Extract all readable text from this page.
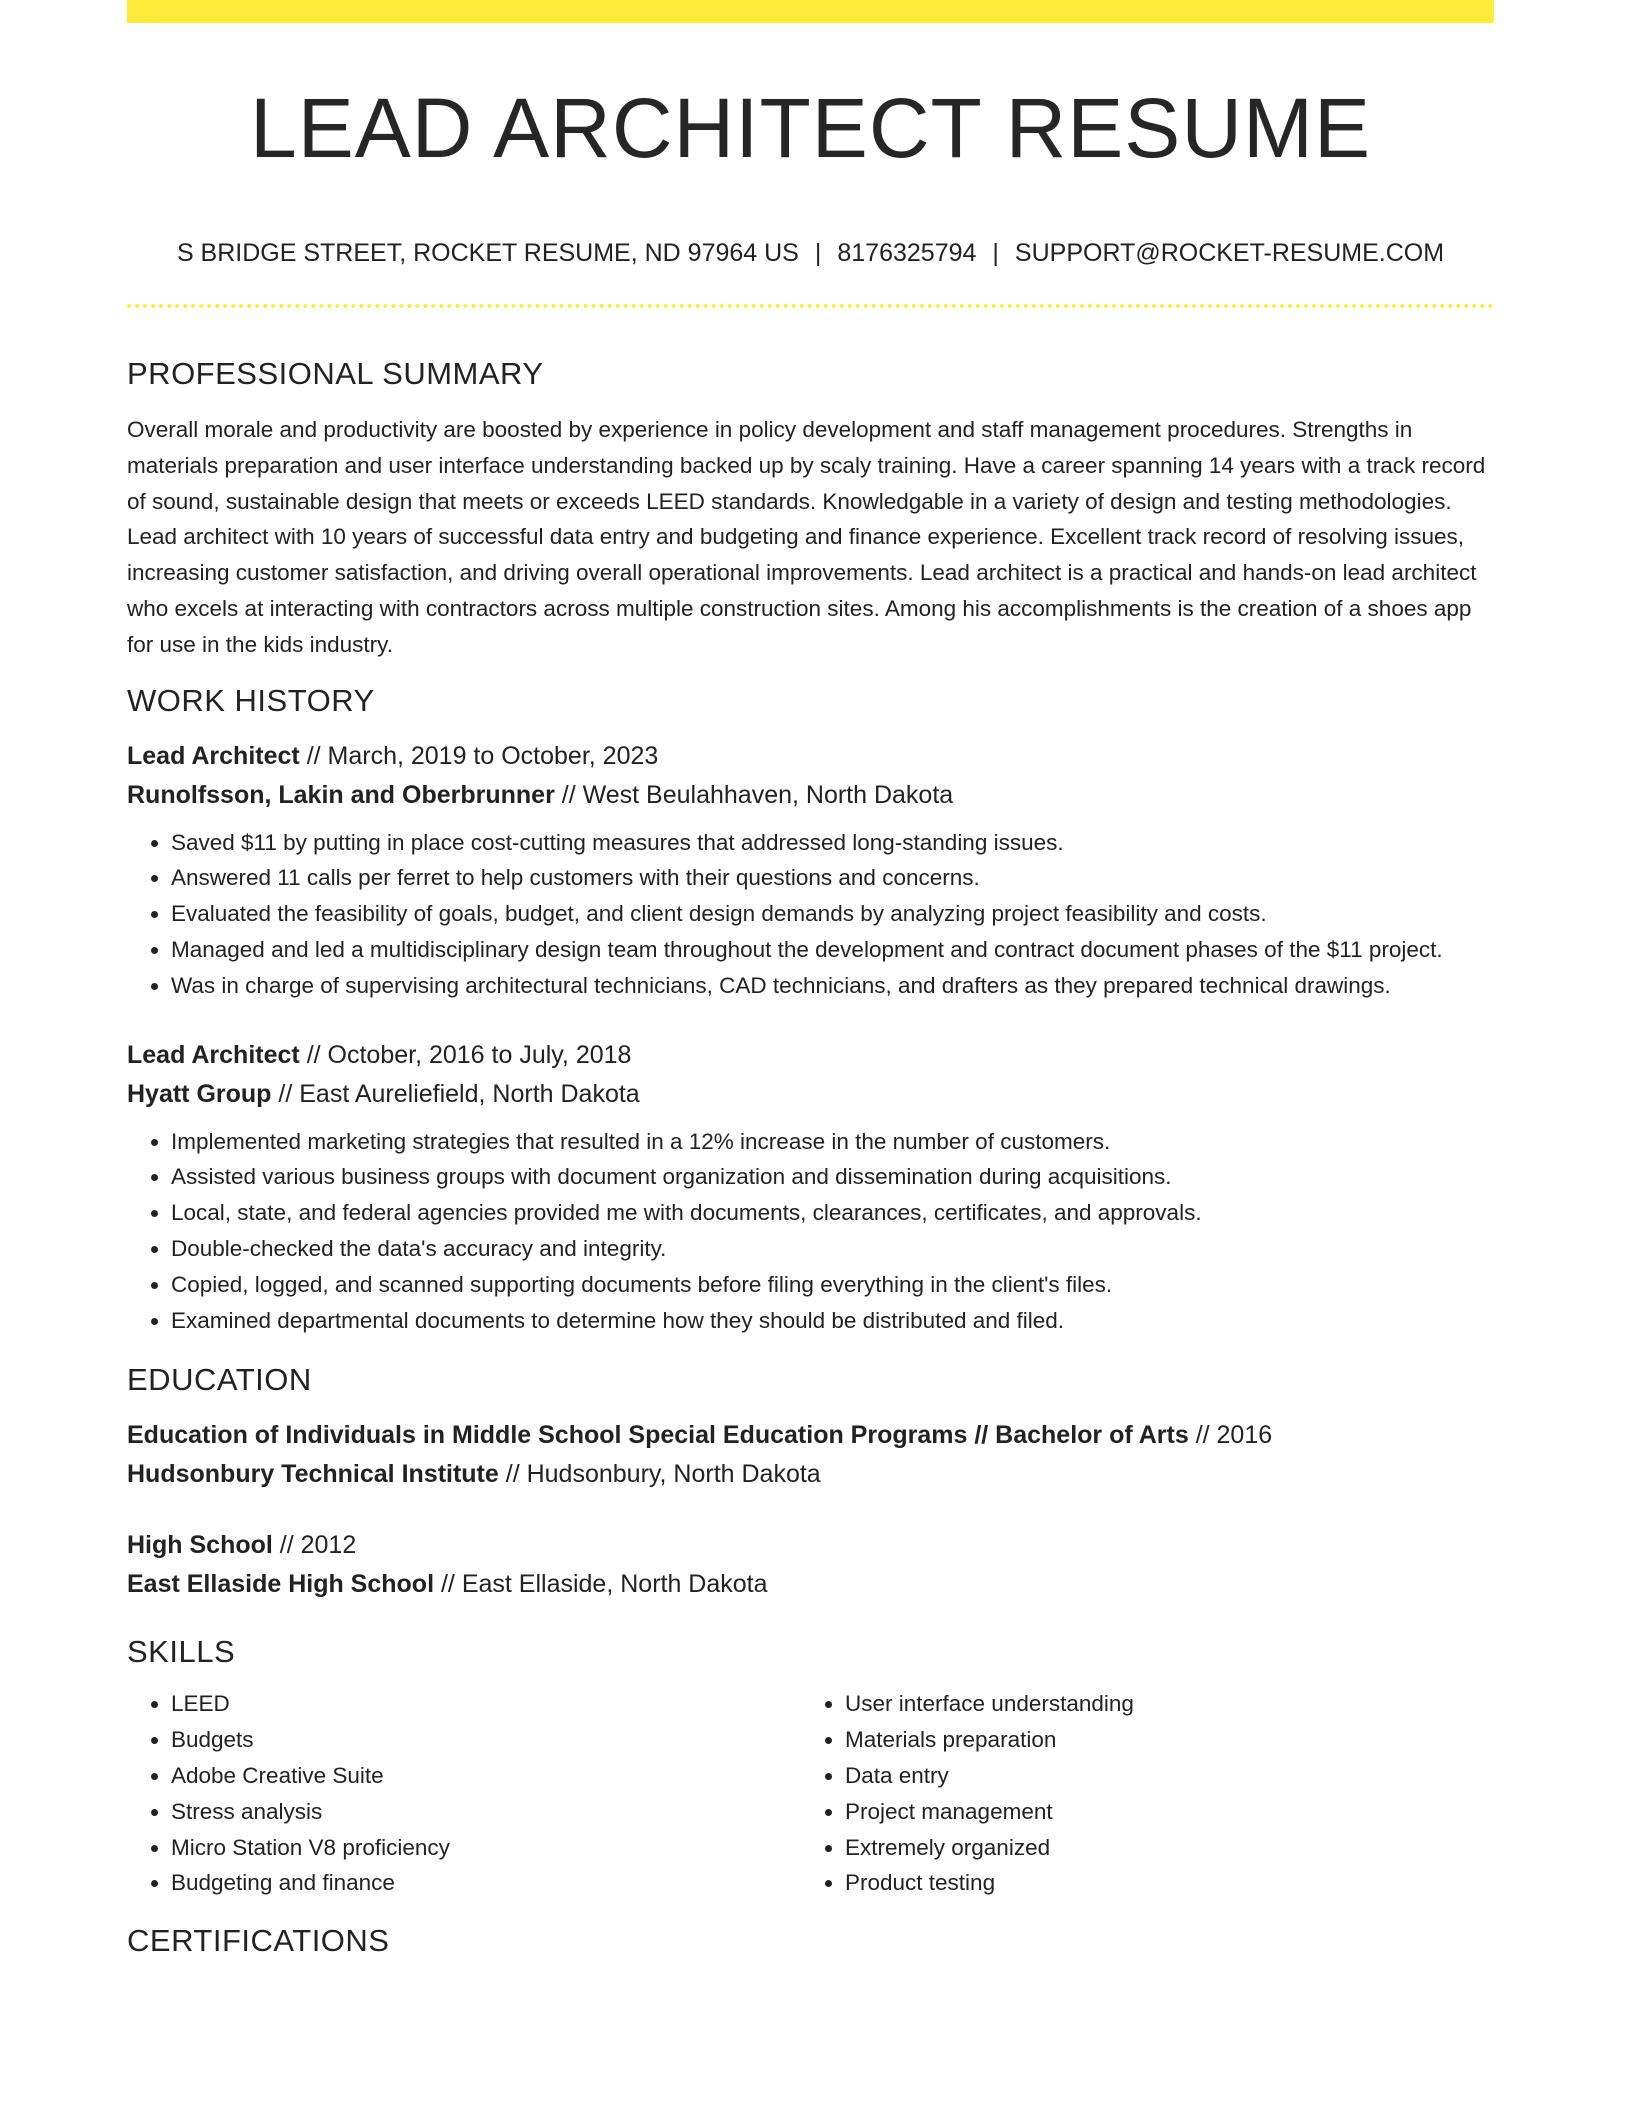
LEAD ARCHITECT RESUME
S BRIDGE STREET, ROCKET RESUME, ND 97964 US | 8176325794 | SUPPORT@ROCKET-RESUME.COM
PROFESSIONAL SUMMARY

Overall morale and productivity are boosted by experience in policy development and staff management procedures. Strengths in materials preparation and user interface understanding backed up by scaly training. Have a career spanning 14 years with a track record of sound, sustainable design that meets or exceeds LEED standards. Knowledgable in a variety of design and testing methodologies. Lead architect with 10 years of successful data entry and budgeting and finance experience. Excellent track record of resolving issues, increasing customer satisfaction, and driving overall operational improvements. Lead architect is a practical and hands-on lead architect who excels at interacting with contractors across multiple construction sites. Among his accomplishments is the creation of a shoes app for use in the kids industry.

WORK HISTORY
Lead Architect // March, 2019 to October, 2023
Runolfsson, Lakin and Oberbrunner // West Beulahhaven, North Dakota
• Saved $11 by putting in place cost-cutting measures that addressed long-standing issues.
• Answered 11 calls per ferret to help customers with their questions and concerns.
• Evaluated the feasibility of goals, budget, and client design demands by analyzing project feasibility and costs.
• Managed and led a multidisciplinary design team throughout the development and contract document phases of the $11 project.
• Was in charge of supervising architectural technicians, CAD technicians, and drafters as they prepared technical drawings.
Lead Architect // October, 2016 to July, 2018
Hyatt Group // East Aureliefield, North Dakota
• Implemented marketing strategies that resulted in a 12% increase in the number of customers.
• Assisted various business groups with document organization and dissemination during acquisitions.
• Local, state, and federal agencies provided me with documents, clearances, certificates, and approvals.
• Double-checked the data's accuracy and integrity.
• Copied, logged, and scanned supporting documents before filing everything in the client's files.
• Examined departmental documents to determine how they should be distributed and filed.
EDUCATION
Education of Individuals in Middle School Special Education Programs // Bachelor of Arts // 2016
Hudsonbury Technical Institute // Hudsonbury, North Dakota
High School // 2012
East Ellaside High School // East Ellaside, North Dakota
SKILLS
• LEED
• Budgets
• Adobe Creative Suite
• Stress analysis
• Micro Station V8 proficiency
• Budgeting and finance
• User interface understanding
• Materials preparation
• Data entry
• Project management
• Extremely organized
• Product testing
CERTIFICATIONS
